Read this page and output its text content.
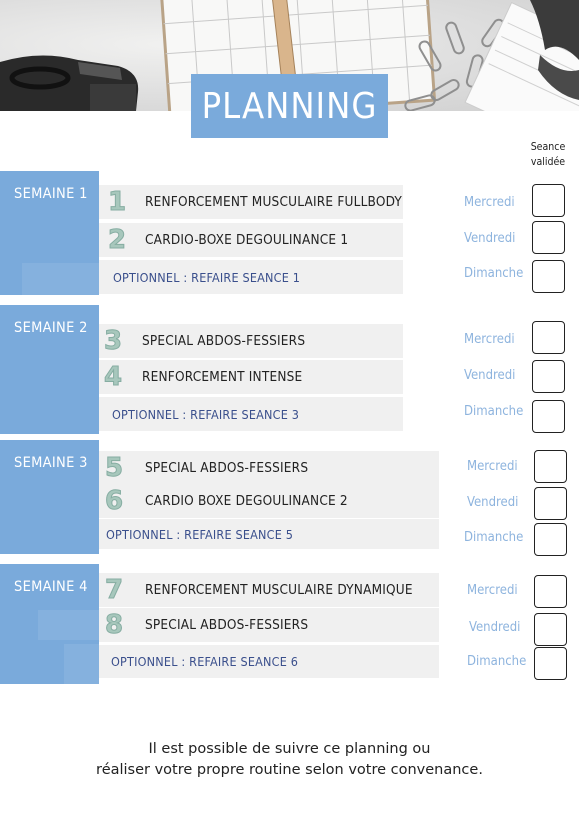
PLANNING
Seance
validée
SEMAINE 1 1 RENFORCEMENT MUSCULAIRE FULLBODY
2 CARDIO-BOXE DEGOULINANCE 1
OPTIONNEL : REFAIRE SEANCE 1
Mercredi
Vendredi
Dimanche
SEMAINE 2 3 SPECIAL ABDOS-FESSIERS
4 RENFORCEMENT INTENSE
OPTIONNEL : REFAIRE SEANCE 3
Mercredi
Vendredi
Dimanche
SEMAINE 3 5 SPECIAL ABDOS-FESSIERS
6 CARDIO BOXE DEGOULINANCE 2
OPTIONNEL : REFAIRE SEANCE 5
Mercredi
Vendredi
Dimanche
SEMAINE 4 7 RENFORCEMENT MUSCULAIRE DYNAMIQUE
8 SPECIAL ABDOS-FESSIERS
OPTIONNEL : REFAIRE SEANCE 6
Mercredi
Vendredi
Dimanche
Il est possible de suivre ce planning ou
réaliser votre propre routine selon votre convenance.
